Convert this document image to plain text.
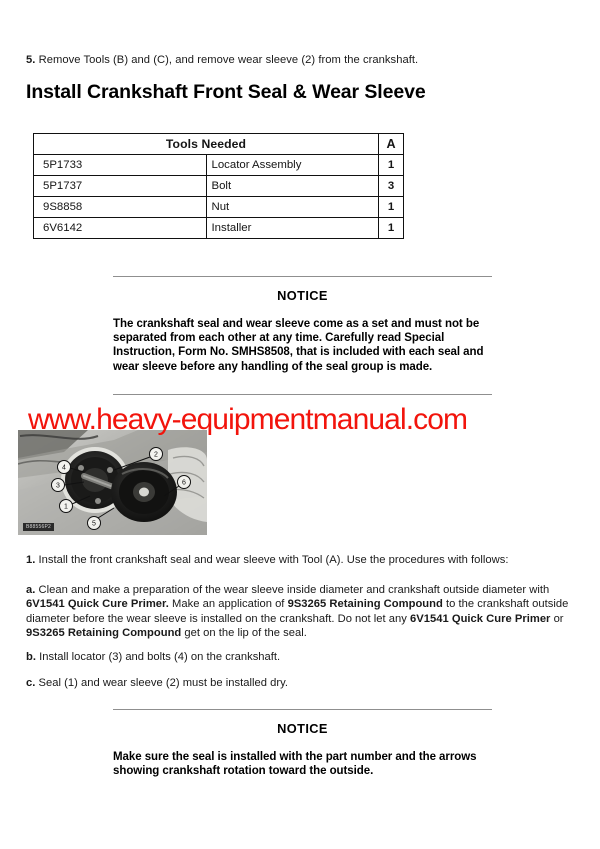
5. Remove Tools (B) and (C), and remove wear sleeve (2) from the crankshaft.
Install Crankshaft Front Seal & Wear Sleeve
Tools Needed		A
5P1733	Locator Assembly	1
5P1737	Bolt	3
9S8858	Nut	1
6V6142	Installer	1
NOTICE
The crankshaft seal and wear sleeve come as a set and must not be separated from each other at any time. Carefully read Special Instruction, Form No. SMHS8508, that is included with each seal and wear sleeve before any handling of the seal group is made.
1
2
3
4
5
6
B88556P2
www.heavy-equipmentmanual.com
1. Install the front crankshaft seal and wear sleeve with Tool (A). Use the procedures with follows:
a. Clean and make a preparation of the wear sleeve inside diameter and crankshaft outside diameter with 6V1541 Quick Cure Primer. Make an application of 9S3265 Retaining Compound to the crankshaft outside diameter before the wear sleeve is installed on the crankshaft. Do not let any 6V1541 Quick Cure Primer or 9S3265 Retaining Compound get on the lip of the seal.
b. Install locator (3) and bolts (4) on the crankshaft.
c. Seal (1) and wear sleeve (2) must be installed dry.
NOTICE
Make sure the seal is installed with the part number and the arrows showing crankshaft rotation toward the outside.
